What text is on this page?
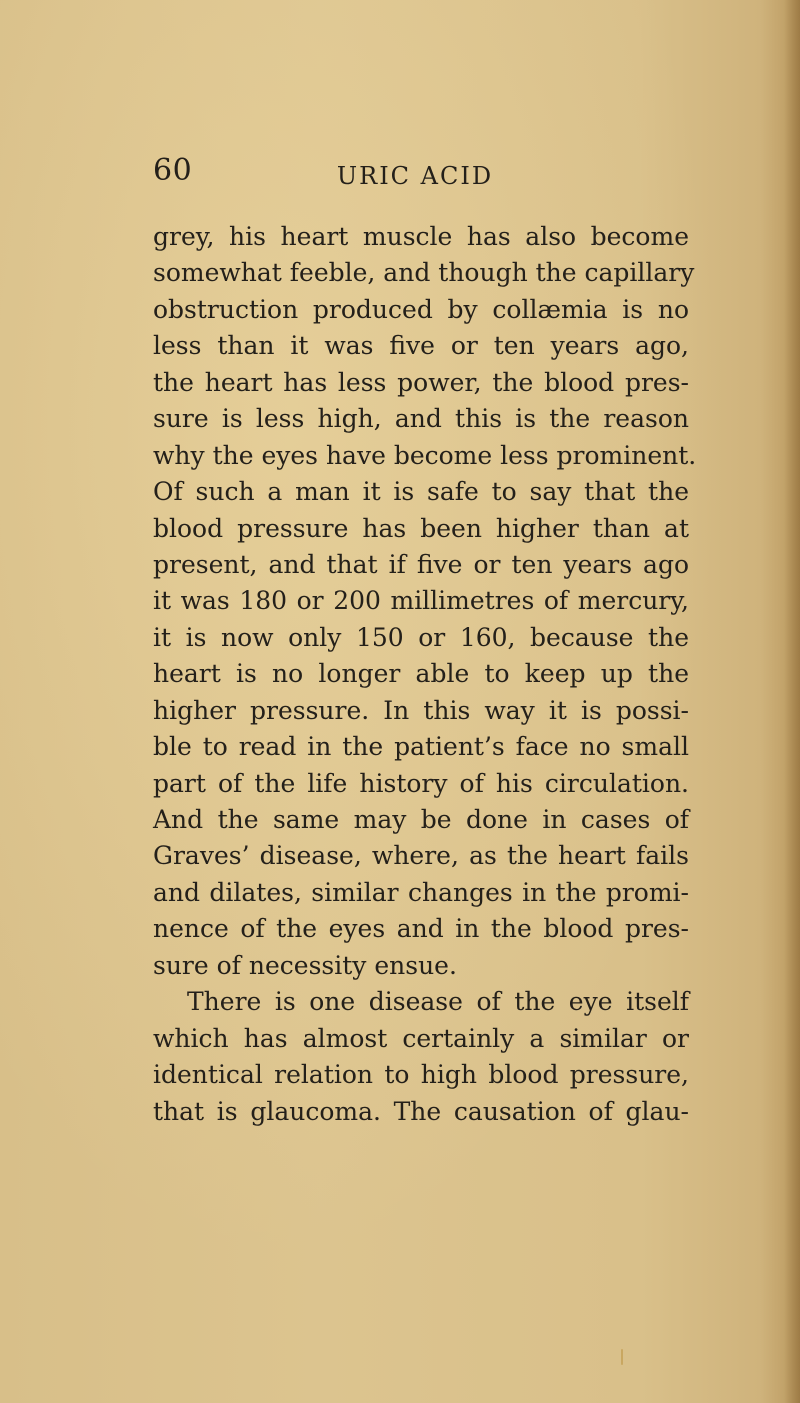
60	URIC ACID
grey, his heart muscle has also become
somewhat feeble, and though the capillary
obstruction produced by collæmia is no
less than it was five or ten years ago,
the heart has less power, the blood pres-
sure is less high, and this is the reason
why the eyes have become less prominent.
Of such a man it is safe to say that the
blood pressure has been higher than at
present, and that if five or ten years ago
it was 180 or 200 millimetres of mercury,
it is now only 150 or 160, because the
heart is no longer able to keep up the
higher pressure. In this way it is possi-
ble to read in the patient’s face no small
part of the life history of his circulation.
And the same may be done in cases of
Graves’ disease, where, as the heart fails
and dilates, similar changes in the promi-
nence of the eyes and in the blood pres-
sure of necessity ensue.
There is one disease of the eye itself
which has almost certainly a similar or
identical relation to high blood pressure,
that is glaucoma. The causation of glau-
